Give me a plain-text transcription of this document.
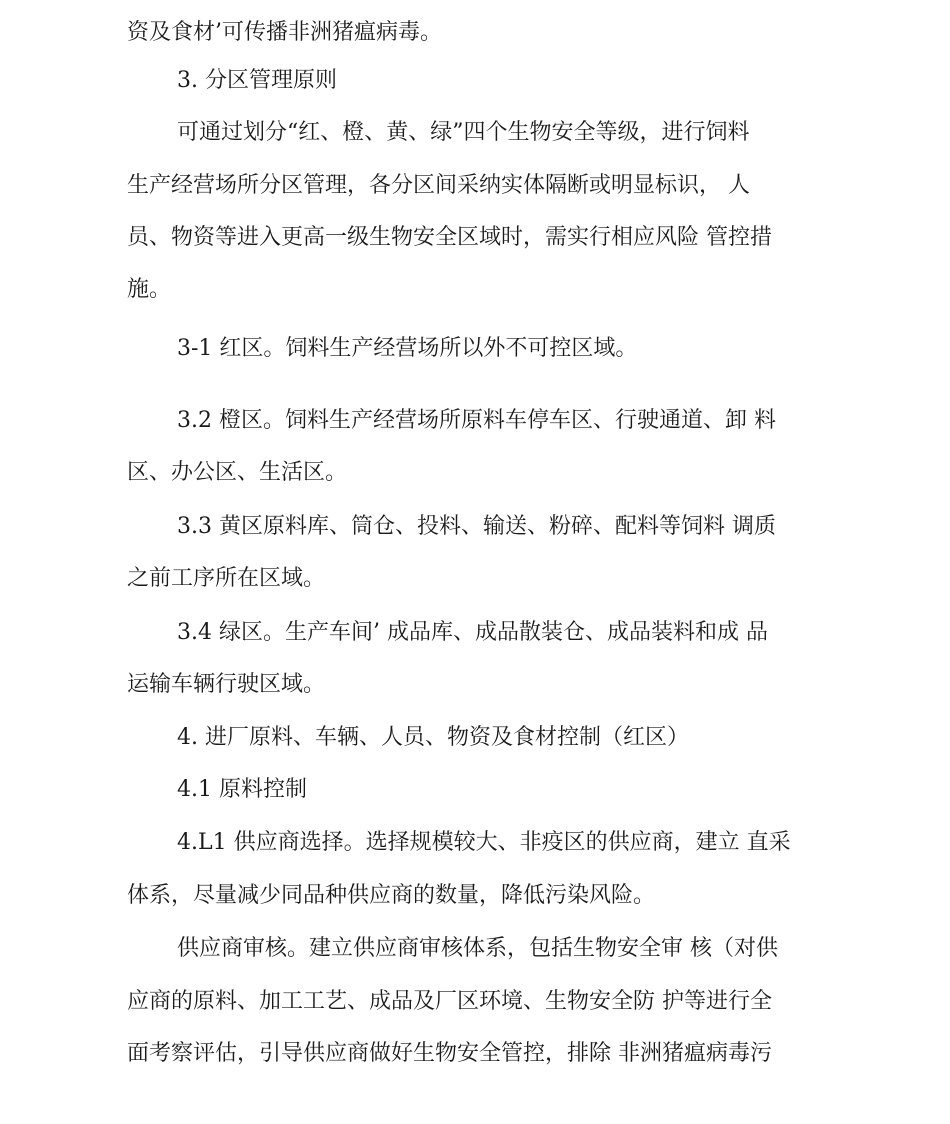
资及食材’可传播非洲猪瘟病毒。
3. 分区管理原则
可通过划分“红、橙、黄、绿”四个生物安全等级，进行饲料
生产经营场所分区管理，各分区间采纳实体隔断或明显标识， 人
员、物资等进入更高一级生物安全区域时，需实行相应风险 管控措
施。
3-1 红区。饲料生产经营场所以外不可控区域。
3.2 橙区。饲料生产经营场所原料车停车区、行驶通道、卸 料
区、办公区、生活区。
3.3 黄区原料库、筒仓、投料、输送、粉碎、配料等饲料 调质
之前工序所在区域。
3.4 绿区。生产车间’ 成品库、成品散装仓、成品装料和成 品
运输车辆行驶区域。
4. 进厂原料、车辆、人员、物资及食材控制（红区）
4.1 原料控制
4.L1 供应商选择。选择规模较大、非疫区的供应商，建立 直采
体系，尽量减少同品种供应商的数量，降低污染风险。
供应商审核。建立供应商审核体系，包括生物安全审 核（对供
应商的原料、加工工艺、成品及厂区环境、生物安全防 护等进行全
面考察评估，引导供应商做好生物安全管控，排除 非洲猪瘟病毒污
